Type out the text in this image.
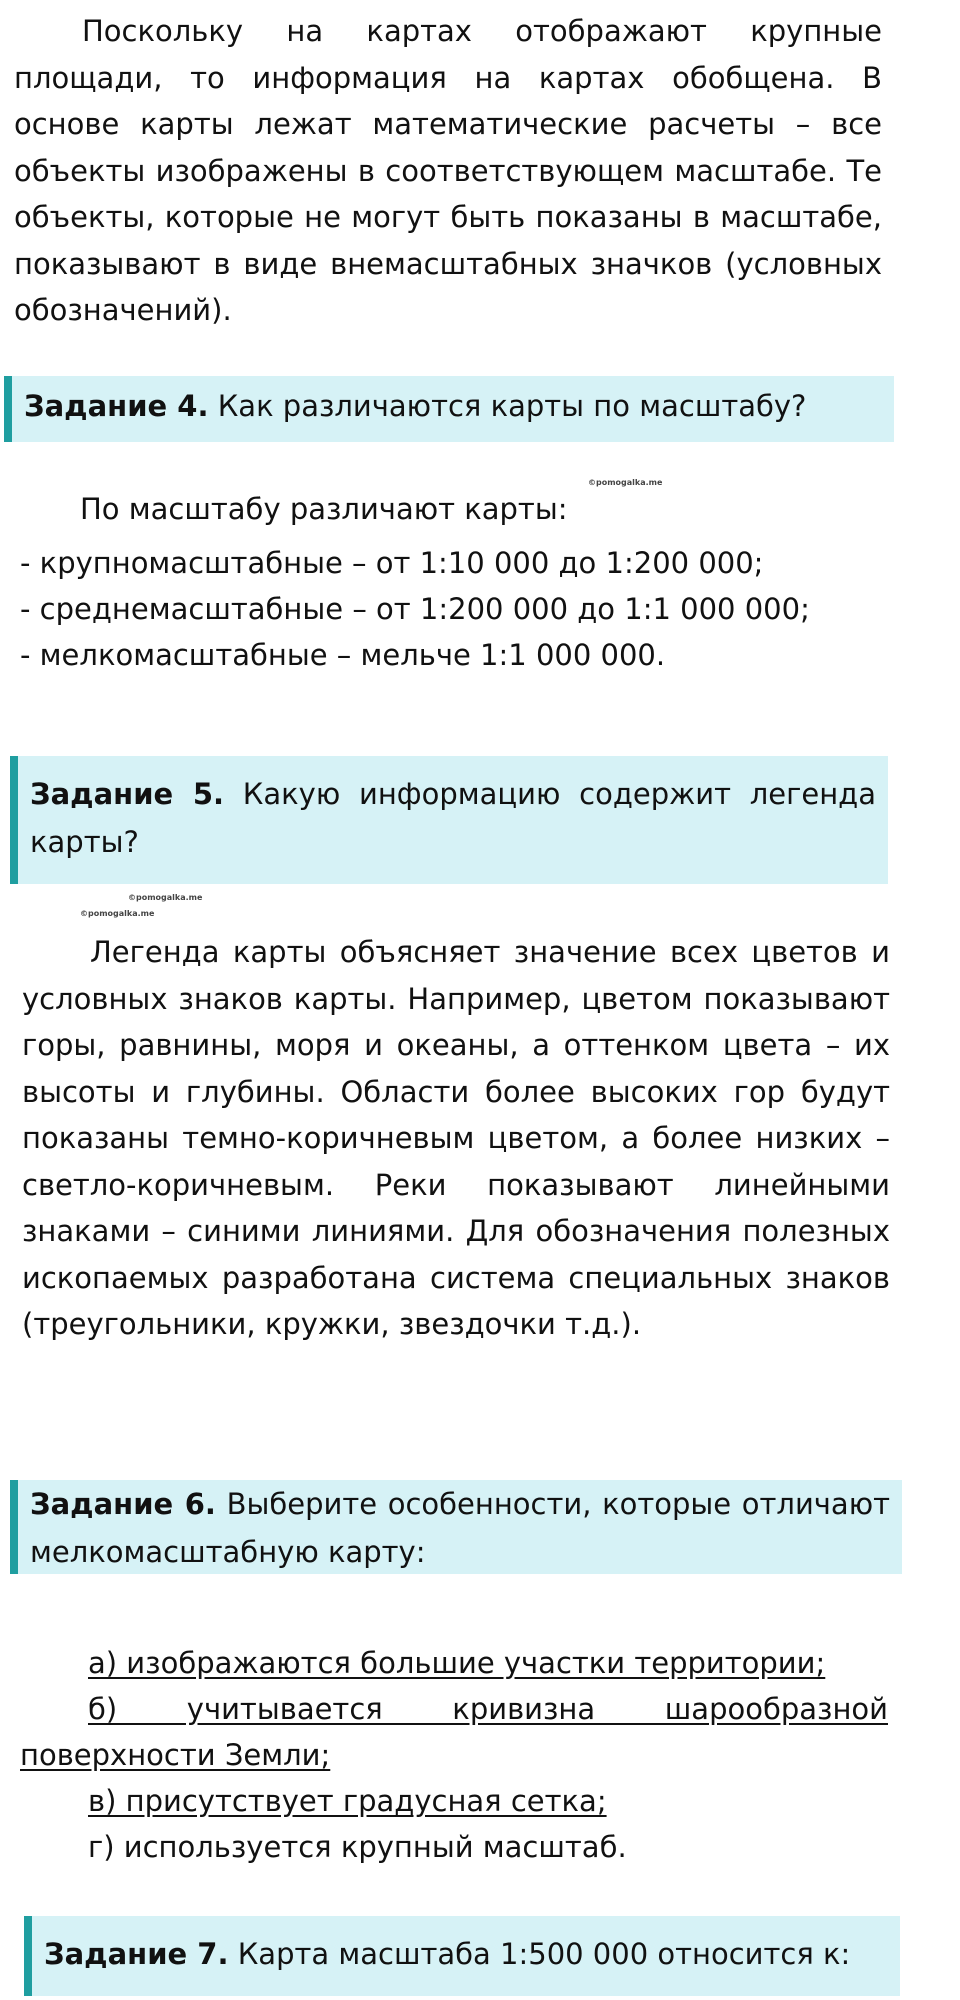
Поскольку на картах отображают крупные площади, то информация на картах обобщена. В основе карты лежат математические расчеты – все объекты изображены в соответствующем масштабе. Те объекты, которые не могут быть показаны в масштабе, показывают в виде внемасштабных значков (условных обозначений).

Задание 4. Как различаются карты по масштабу?
©pomogalka.me

По масштабу различают карты:

- крупномасштабные – от 1:10 000 до 1:200 000;

- среднемасштабные – от 1:200 000 до 1:1 000 000;

- мелкомасштабные – мельче 1:1 000 000.

Задание 5. Какую информацию содержит легенда карты?
©pomogalka.me
©pomogalka.me

Легенда карты объясняет значение всех цветов и условных знаков карты. Например, цветом показывают горы, равнины, моря и океаны, а оттенком цвета – их высоты и глубины. Области более высоких гор будут показаны темно-коричневым цветом, а более низких – светло-коричневым. Реки показывают линейными знаками – синими линиями. Для обозначения полезных ископаемых разработана система специальных знаков (треугольники, кружки, звездочки т.д.).

Задание 6. Выберите особенности, которые отличают мелкомасштабную карту:

а) изображаются большие участки территории;

б) учитывается кривизна шарообразной поверхности Земли;

в) присутствует градусная сетка;

г) используется крупный масштаб.

Задание 7. Карта масштаба 1:500 000 относится к:
